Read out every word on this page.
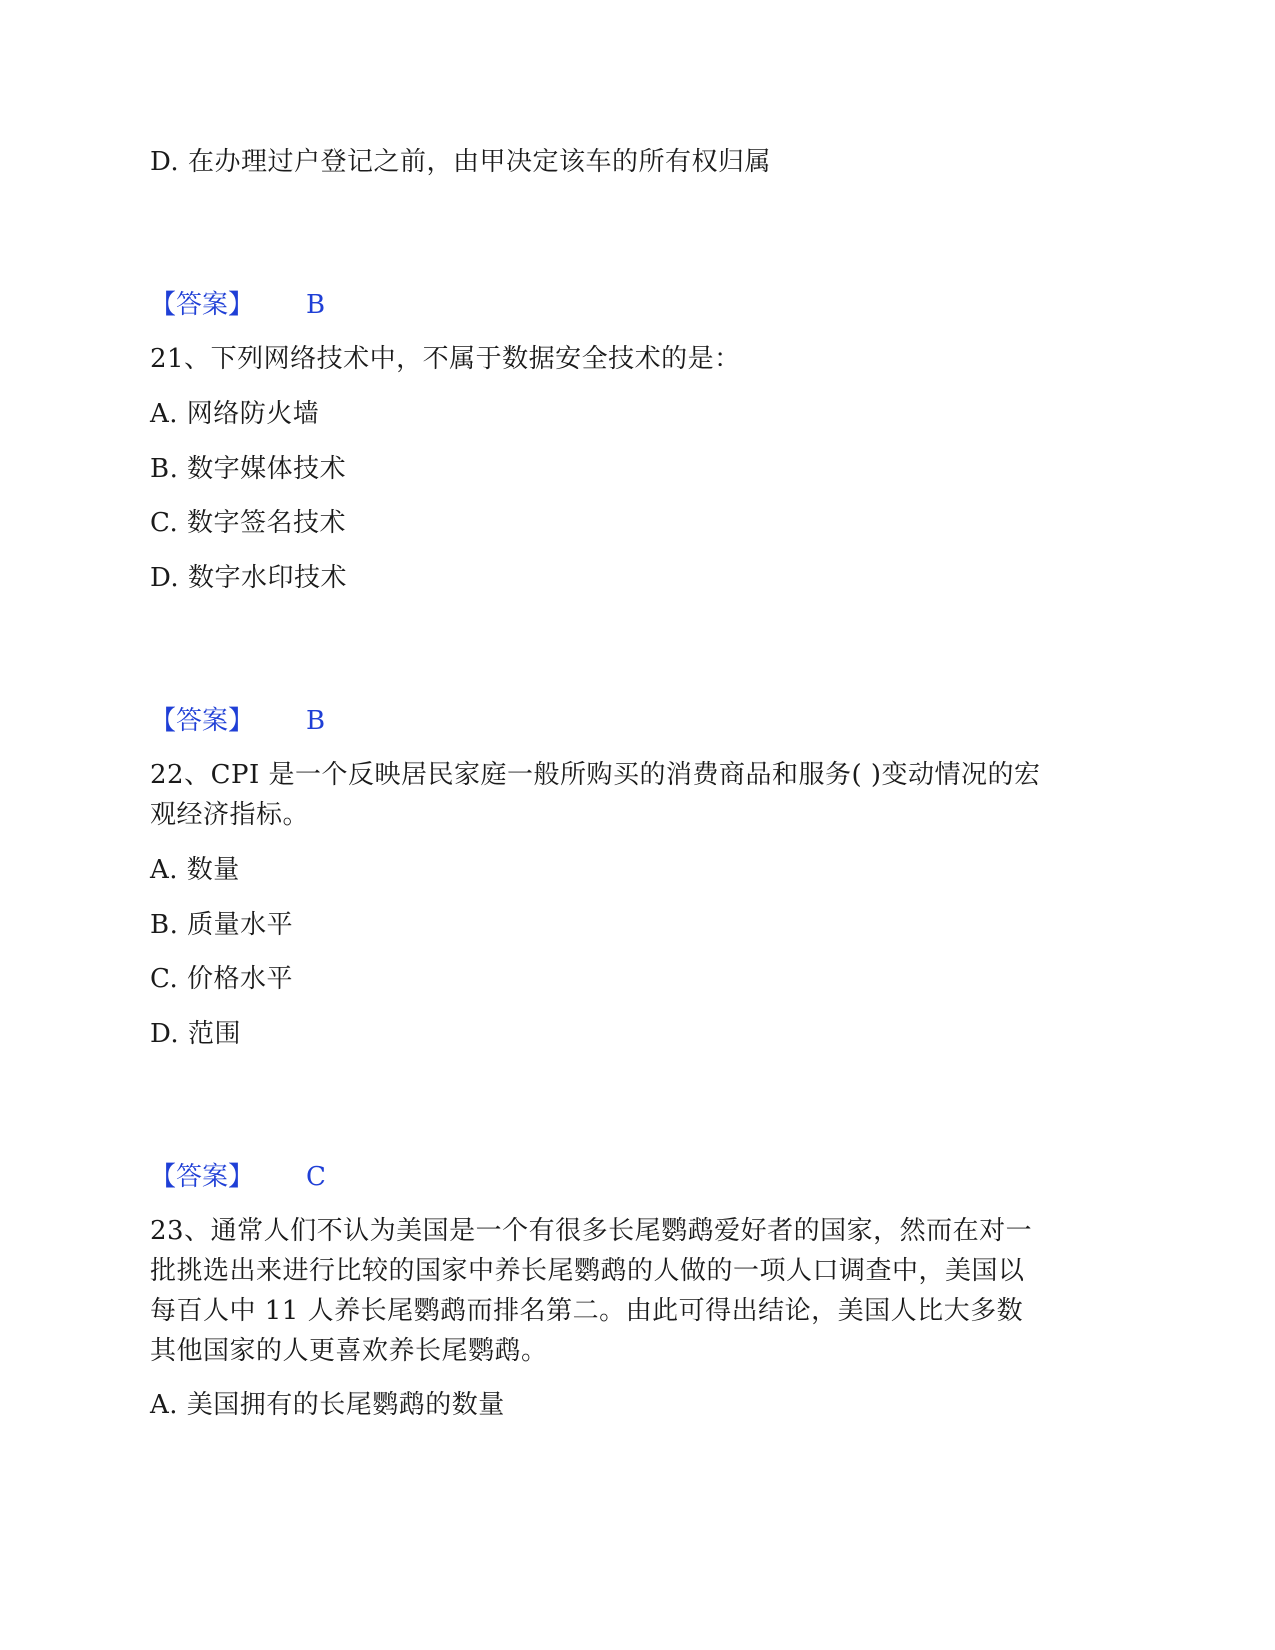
D. 在办理过户登记之前，由甲决定该车的所有权归属
【答案】 B
21、下列网络技术中，不属于数据安全技术的是：
A. 网络防火墙
B. 数字媒体技术
C. 数字签名技术
D. 数字水印技术
【答案】 B
22、CPI 是一个反映居民家庭一般所购买的消费商品和服务( )变动情况的宏
观经济指标。
A. 数量
B. 质量水平
C. 价格水平
D. 范围
【答案】 C
23、通常人们不认为美国是一个有很多长尾鹦鹉爱好者的国家，然而在对一
批挑选出来进行比较的国家中养长尾鹦鹉的人做的一项人口调查中，美国以
每百人中 11 人养长尾鹦鹉而排名第二。由此可得出结论，美国人比大多数
其他国家的人更喜欢养长尾鹦鹉。
A. 美国拥有的长尾鹦鹉的数量
